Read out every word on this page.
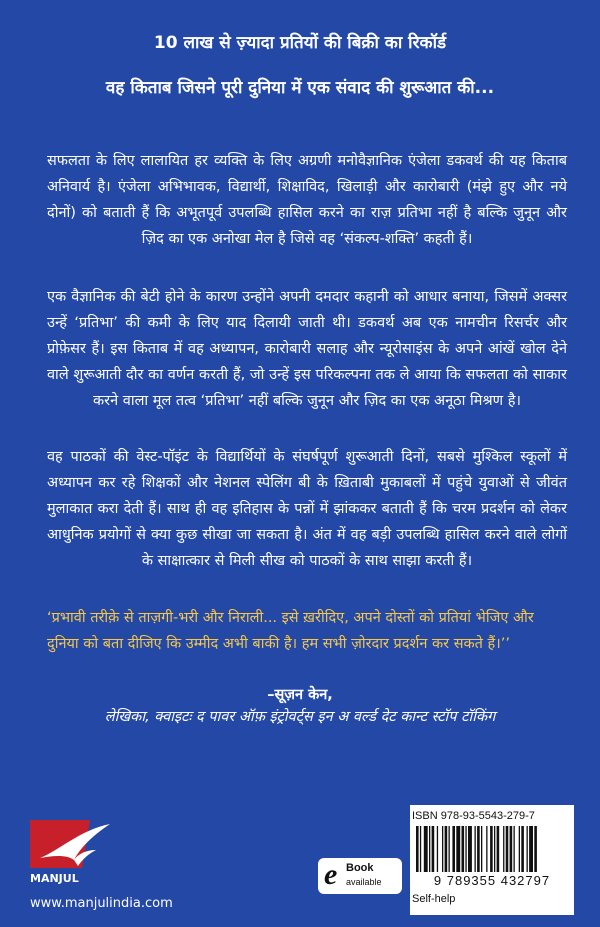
10 लाख से ज़्यादा प्रतियों की बिक्री का रिकॉर्ड
वह किताब जिसने पूरी दुनिया में एक संवाद की शुरूआत की...
सफलता के लिए लालायित हर व्यक्ति के लिए अग्रणी मनोवैज्ञानिक एंजेला डकवर्थ की यह किताब अनिवार्य है। एंजेला अभिभावक, विद्यार्थी, शिक्षाविद, खिलाड़ी और कारोबारी (मंझे हुए और नये दोनों) को बताती हैं कि अभूतपूर्व उपलब्धि हासिल करने का राज़ प्रतिभा नहीं है बल्कि जुनून और ज़िद का एक अनोखा मेल है जिसे वह ‘संकल्प-शक्ति’ कहती हैं।
एक वैज्ञानिक की बेटी होने के कारण उन्होंने अपनी दमदार कहानी को आधार बनाया, जिसमें अक्सर उन्हें ‘प्रतिभा’ की कमी के लिए याद दिलायी जाती थी। डकवर्थ अब एक नामचीन रिसर्चर और प्रोफ़ेसर हैं। इस किताब में वह अध्यापन, कारोबारी सलाह और न्यूरोसाइंस के अपने आंखें खोल देने वाले शुरूआती दौर का वर्णन करती हैं, जो उन्हें इस परिकल्पना तक ले आया कि सफलता को साकार करने वाला मूल तत्व ‘प्रतिभा’ नहीं बल्कि जुनून और ज़िद का एक अनूठा मिश्रण है।
वह पाठकों की वेस्ट-पॉइंट के विद्यार्थियों के संघर्षपूर्ण शुरूआती दिनों, सबसे मुश्किल स्कूलों में अध्यापन कर रहे शिक्षकों और नेशनल स्पेलिंग बी के ख़िताबी मुकाबलों में पहुंचे युवाओं से जीवंत मुलाकात करा देती हैं। साथ ही वह इतिहास के पन्नों में झांककर बताती हैं कि चरम प्रदर्शन को लेकर आधुनिक प्रयोगों से क्या कुछ सीखा जा सकता है। अंत में वह बड़ी उपलब्धि हासिल करने वाले लोगों के साक्षात्कार से मिली सीख को पाठकों के साथ साझा करती हैं।
‘प्रभावी तरीक़े से ताज़गी-भरी और निराली... इसे ख़रीदिए, अपने दोस्तों को प्रतियां भेजिए और दुनिया को बता दीजिए कि उम्मीद अभी बाकी है। हम सभी ज़ोरदार प्रदर्शन कर सकते हैं।’’
–सूज़न केन,
लेखिका, क्वाइटः द पावर ऑफ़ इंट्रोवर्ट्स इन अ वर्ल्ड देट कान्ट स्टॉप टॉकिंग
MANJUL
www.manjulindia.com
e Book
available
ISBN 978-93-5543-279-7
9 789355 432797
Self-help
